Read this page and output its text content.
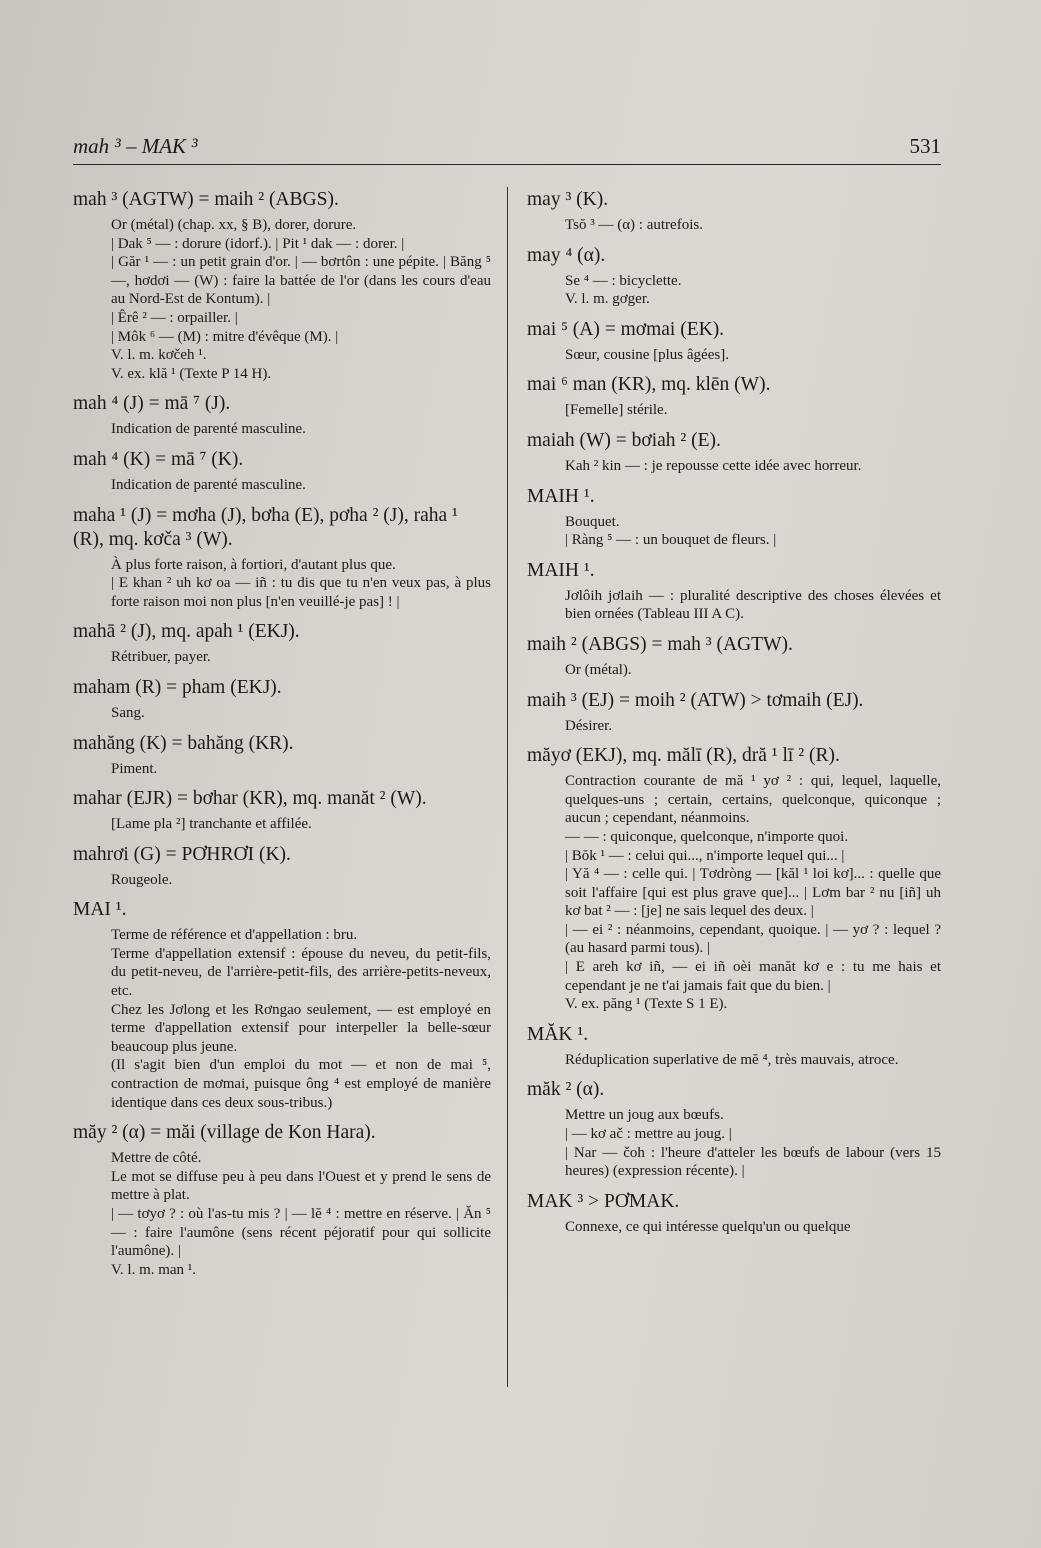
mah ³ – MAK ³	531
mah ³ (AGTW) = maih ² (ABGS).

Or (métal) (chap. xx, § B), dorer, dorure.

| Dak ⁵ — : dorure (idorf.). | Pit ¹ dak — : dorer. |

| Găr ¹ — : un petit grain d'or. | — bơrtôn : une pépite. | Băng ⁵ —, hơdơi — (W) : faire la battée de l'or (dans les cours d'eau au Nord-Est de Kontum). |

| Êrê ² — : orpailler. |

| Môk ⁶ — (M) : mitre d'évêque (M). |

V. l. m. kơčeh ¹.

V. ex. klă ¹ (Texte P 14 H).

mah ⁴ (J) = mā ⁷ (J).

Indication de parenté masculine.

mah ⁴ (K) = mā ⁷ (K).

Indication de parenté masculine.

maha ¹ (J) = mơha (J), bơha (E), pơha ² (J), raha ¹ (R), mq. kơča ³ (W).

À plus forte raison, à fortiori, d'autant plus que.

| E khan ² uh kơ oa — iñ : tu dis que tu n'en veux pas, à plus forte raison moi non plus [n'en veuillé-je pas] ! |

mahā ² (J), mq. apah ¹ (EKJ).

Rétribuer, payer.

maham (R) = pham (EKJ).

Sang.

mahăng (K) = bahăng (KR).

Piment.

mahar (EJR) = bơhar (KR), mq. manăt ² (W).

[Lame pla ²] tranchante et affilée.

mahrơi (G) = PƠHRƠI (K).

Rougeole.

MAI ¹.

Terme de référence et d'appellation : bru.

Terme d'appellation extensif : épouse du neveu, du petit-fils, du petit-neveu, de l'arrière-petit-fils, des arrière-petits-neveux, etc.

Chez les Jơlong et les Rơngao seulement, — est employé en terme d'appellation extensif pour interpeller la belle-sœur beaucoup plus jeune.

(Il s'agit bien d'un emploi du mot — et non de mai ⁵, contraction de mơmai, puisque ông ⁴ est employé de manière identique dans ces deux sous-tribus.)

măy ² (α) = măi (village de Kon Hara).

Mettre de côté.

Le mot se diffuse peu à peu dans l'Ouest et y prend le sens de mettre à plat.

| — tơyơ ? : où l'as-tu mis ? | — lĕ ⁴ : mettre en réserve. | Ăn ⁵ — : faire l'aumône (sens récent péjoratif pour qui sollicite l'aumône). |

V. l. m. man ¹.

may ³ (K).

Tsŏ ³ — (α) : autrefois.

may ⁴ (α).

Se ⁴ — : bicyclette.

V. l. m. gơger.

mai ⁵ (A) = mơmai (EK).

Sœur, cousine [plus âgées].

mai ⁶ man (KR), mq. klēn (W).

[Femelle] stérile.

maiah (W) = bơiah ² (E).

Kah ² kin — : je repousse cette idée avec horreur.

MAIH ¹.

Bouquet.

| Ràng ⁵ — : un bouquet de fleurs. |

MAIH ¹.

Jơlôih jơlaih — : pluralité descriptive des choses élevées et bien ornées (Tableau III A C).

maih ² (ABGS) = mah ³ (AGTW).

Or (métal).

maih ³ (EJ) = moih ² (ATW) > tơmaih (EJ).

Désirer.

măyơ (EKJ), mq. mălī (R), dră ¹ lī ² (R).

Contraction courante de mă ¹ yơ ² : qui, lequel, laquelle, quelques-uns ; certain, certains, quelconque, quiconque ; aucun ; cependant, néanmoins.

— — : quiconque, quelconque, n'importe quoi.

| Bŏk ¹ — : celui qui..., n'importe lequel qui... |

| Yă ⁴ — : celle qui. | Tơdròng — [kăl ¹ loi kơ]... : quelle que soit l'affaire [qui est plus grave que]... | Lơm bar ² nu [iñ] uh kơ bat ² — : [je] ne sais lequel des deux. |

| — ei ² : néanmoins, cependant, quoique. | — yơ ? : lequel ? (au hasard parmi tous). |

| E areh kơ iñ, — ei iñ oèi manăt kơ e : tu me hais et cependant je ne t'ai jamais fait que du bien. |

V. ex. păng ¹ (Texte S 1 E).

MĂK ¹.

Réduplication superlative de mĕ ⁴, très mauvais, atroce.

măk ² (α).

Mettre un joug aux bœufs.

| — kơ ač : mettre au joug. |

| Nar — čoh : l'heure d'atteler les bœufs de labour (vers 15 heures) (expression récente). |

MAK ³ > PƠMAK.

Connexe, ce qui intéresse quelqu'un ou quelque
